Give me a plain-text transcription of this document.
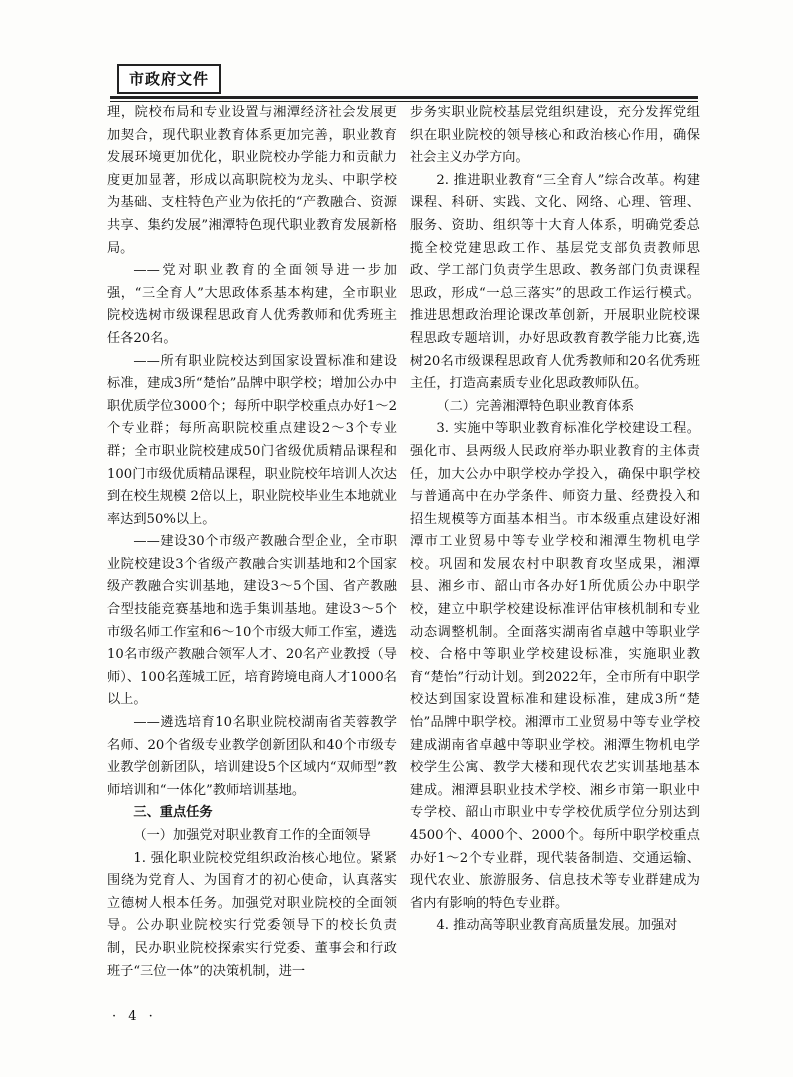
市政府文件

理，院校布局和专业设置与湘潭经济社会发展更加契合，现代职业教育体系更加完善，职业教育发展环境更加优化，职业院校办学能力和贡献力度更加显著，形成以高职院校为龙头、中职学校为基础、支柱特色产业为依托的“产教融合、资源共享、集约发展”湘潭特色现代职业教育发展新格局。

——党对职业教育的全面领导进一步加强，“三全育人”大思政体系基本构建，全市职业院校选树市级课程思政育人优秀教师和优秀班主任各20名。

——所有职业院校达到国家设置标准和建设标准，建成3所“楚怡”品牌中职学校；增加公办中职优质学位3000个；每所中职学校重点办好1～2个专业群；每所高职院校重点建设2～3个专业群；全市职业院校建成50门省级优质精品课程和100门市级优质精品课程，职业院校年培训人次达到在校生规模 2倍以上，职业院校毕业生本地就业率达到50%以上。

——建设30个市级产教融合型企业，全市职业院校建设3个省级产教融合实训基地和2个国家级产教融合实训基地，建设3～5个国、省产教融合型技能竞赛基地和选手集训基地。建设3～5个市级名师工作室和6～10个市级大师工作室，遴选10名市级产教融合领军人才、20名产业教授（导师）、100名莲城工匠，培育跨境电商人才1000名以上。

——遴选培育10名职业院校湖南省芙蓉教学名师、20个省级专业教学创新团队和40个市级专业教学创新团队，培训建设5个区域内“双师型”教师培训和“一体化”教师培训基地。

三、重点任务

（一）加强党对职业教育工作的全面领导

1. 强化职业院校党组织政治核心地位。紧紧围绕为党育人、为国育才的初心使命，认真落实立德树人根本任务。加强党对职业院校的全面领导。公办职业院校实行党委领导下的校长负责制，民办职业院校探索实行党委、董事会和行政班子“三位一体”的决策机制，进一

步务实职业院校基层党组织建设，充分发挥党组织在职业院校的领导核心和政治核心作用，确保社会主义办学方向。

2. 推进职业教育“三全育人”综合改革。构建课程、科研、实践、文化、网络、心理、管理、服务、资助、组织等十大育人体系，明确党委总揽全校党建思政工作、基层党支部负责教师思政、学工部门负责学生思政、教务部门负责课程思政，形成“一总三落实”的思政工作运行模式。推进思想政治理论课改革创新，开展职业院校课程思政专题培训，办好思政教育教学能力比赛,选树20名市级课程思政育人优秀教师和20名优秀班主任，打造高素质专业化思政教师队伍。

（二）完善湘潭特色职业教育体系

3. 实施中等职业教育标准化学校建设工程。强化市、县两级人民政府举办职业教育的主体责任，加大公办中职学校办学投入，确保中职学校与普通高中在办学条件、师资力量、经费投入和招生规模等方面基本相当。市本级重点建设好湘潭市工业贸易中等专业学校和湘潭生物机电学校。巩固和发展农村中职教育攻坚成果，湘潭县、湘乡市、韶山市各办好1所优质公办中职学校，建立中职学校建设标准评估审核机制和专业动态调整机制。全面落实湖南省卓越中等职业学校、合格中等职业学校建设标准，实施职业教育“楚怡”行动计划。到2022年，全市所有中职学校达到国家设置标准和建设标准，建成3所“楚怡”品牌中职学校。湘潭市工业贸易中等专业学校建成湖南省卓越中等职业学校。湘潭生物机电学校学生公寓、教学大楼和现代农艺实训基地基本建成。湘潭县职业技术学校、湘乡市第一职业中专学校、韶山市职业中专学校优质学位分别达到4500个、4000个、2000个。每所中职学校重点办好1～2个专业群，现代装备制造、交通运输、现代农业、旅游服务、信息技术等专业群建成为省内有影响的特色专业群。

4. 推动高等职业教育高质量发展。加强对

· 4 ·
